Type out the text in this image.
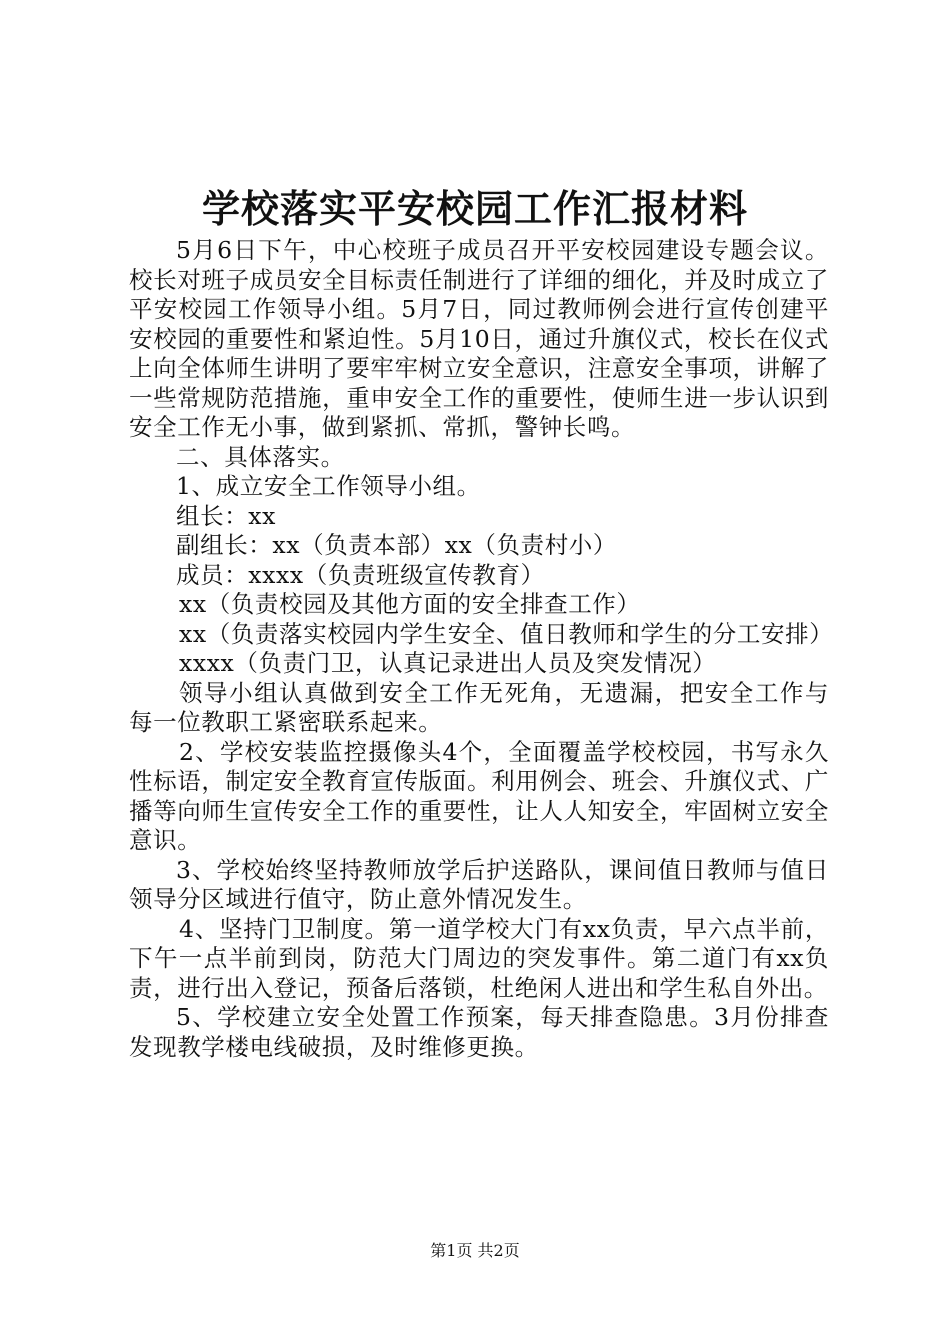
学校落实平安校园工作汇报材料

5月6日下午，中心校班子成员召开平安校园建设专题会议。校长对班子成员安全目标责任制进行了详细的细化，并及时成立了平安校园工作领导小组。5月7日，同过教师例会进行宣传创建平安校园的重要性和紧迫性。5月10日，通过升旗仪式，校长在仪式上向全体师生讲明了要牢牢树立安全意识，注意安全事项，讲解了一些常规防范措施，重申安全工作的重要性，使师生进一步认识到安全工作无小事，做到紧抓、常抓，警钟长鸣。

二、具体落实。

1、成立安全工作领导小组。

组长：xx

副组长：xx（负责本部）xx（负责村小）

成员：xxxx（负责班级宣传教育）

xx（负责校园及其他方面的安全排查工作）

xx（负责落实校园内学生安全、值日教师和学生的分工安排）

xxxx（负责门卫，认真记录进出人员及突发情况）

领导小组认真做到安全工作无死角，无遗漏，把安全工作与每一位教职工紧密联系起来。

2、学校安装监控摄像头4个，全面覆盖学校校园，书写永久性标语，制定安全教育宣传版面。利用例会、班会、升旗仪式、广播等向师生宣传安全工作的重要性，让人人知安全，牢固树立安全意识。

3、学校始终坚持教师放学后护送路队，课间值日教师与值日领导分区域进行值守，防止意外情况发生。

4、坚持门卫制度。第一道学校大门有xx负责，早六点半前，下午一点半前到岗，防范大门周边的突发事件。第二道门有xx负责，进行出入登记，预备后落锁，杜绝闲人进出和学生私自外出。

5、学校建立安全处置工作预案，每天排查隐患。3月份排查发现教学楼电线破损，及时维修更换。

第1页 共2页
